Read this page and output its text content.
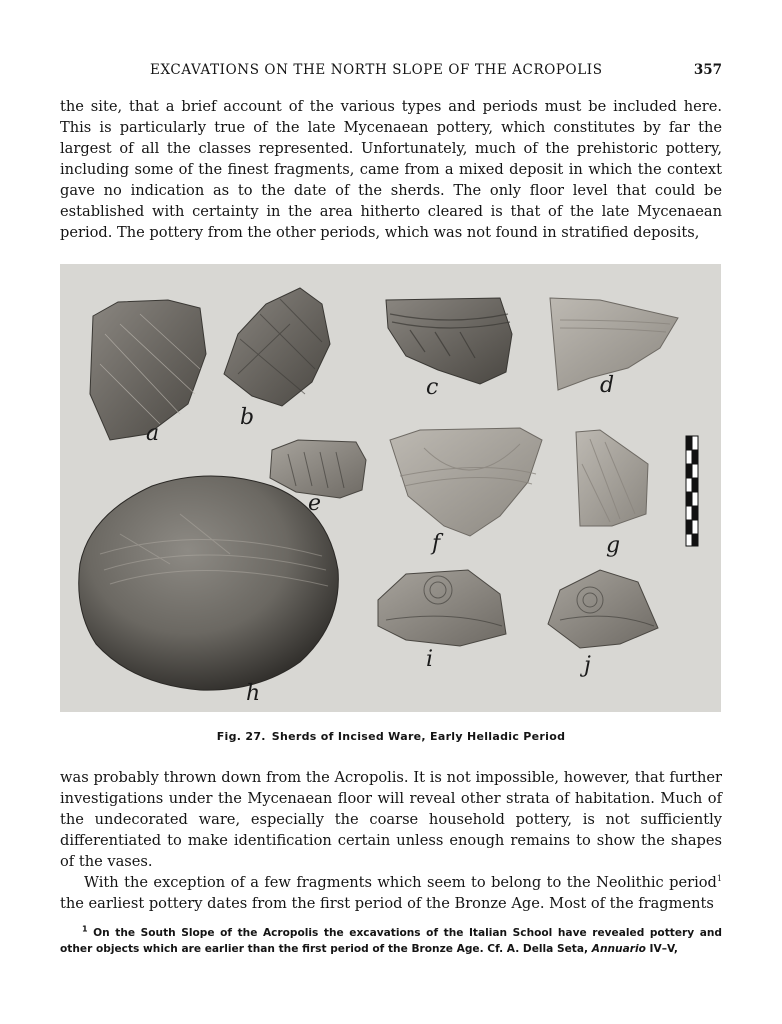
EXCAVATIONS ON THE NORTH SLOPE OF THE ACROPOLIS	357

the site, that a brief account of the various types and periods must be included here. This is particularly true of the late Mycenaean pottery, which constitutes by far the largest of all the classes represented. Unfortunately, much of the prehistoric pottery, including some of the finest fragments, came from a mixed deposit in which the context gave no indication as to the date of the sherds. The only floor level that could be established with certainty in the area hitherto cleared is that of the late Mycenaean period. The pottery from the other periods, which was not found in stratified deposits,

a
b
c	d
e
f	g
h
i	j
Fig. 27. Sherds of Incised Ware, Early Helladic Period

was probably thrown down from the Acropolis. It is not impossible, however, that further investigations under the Mycenaean floor will reveal other strata of habitation. Much of the undecorated ware, especially the coarse household pottery, is not sufficiently differentiated to make identification certain unless enough remains to show the shapes of the vases.

With the exception of a few fragments which seem to belong to the Neolithic period$^1$ the earliest pottery dates from the first period of the Bronze Age. Most of the fragments

$^1$ On the South Slope of the Acropolis the excavations of the Italian School have revealed pottery and other objects which are earlier than the first period of the Bronze Age. Cf. A. Della Seta, Annuario IV–V,
